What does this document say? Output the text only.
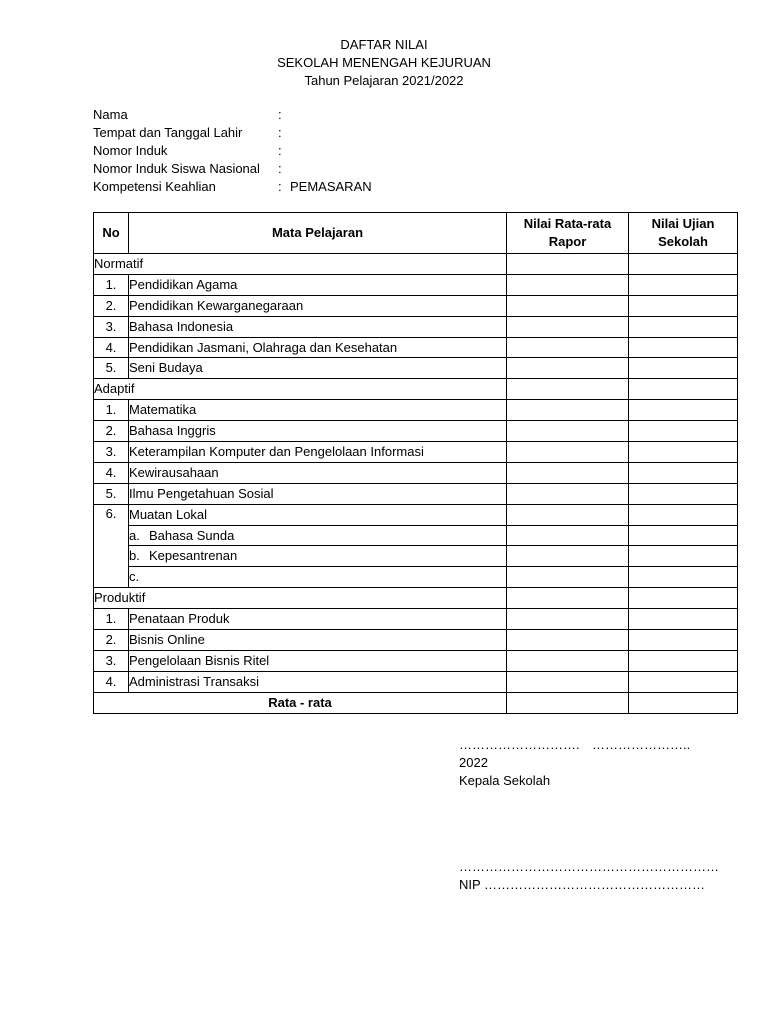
DAFTAR NILAI
SEKOLAH MENENGAH KEJURUAN
Tahun Pelajaran 2021/2022
Nama	:
Tempat dan Tanggal Lahir	:
Nomor Induk	:
Nomor Induk Siswa Nasional :
Kompetensi Keahlian	: PEMASARAN
No	Mata Pelajaran	Nilai Rata-rata Rapor	Nilai Ujian Sekolah
Normatif			
1.	Pendidikan Agama		
2.	Pendidikan Kewarganegaraan		
3.	Bahasa Indonesia		
4.	Pendidikan Jasmani, Olahraga dan Kesehatan		
5.	Seni Budaya		
Adaptif			
1.	Matematika		
2.	Bahasa Inggris		
3.	Keterampilan Komputer dan Pengelolaan Informasi		
4.	Kewirausahaan		
5.	Ilmu Pengetahuan Sosial		
6.	Muatan Lokal		
	a. Bahasa Sunda		
	b. Kepesantrenan		
	c.		
Produktif			
1.	Penataan Produk		
2.	Bisnis Online		
3.	Pengelolaan Bisnis Ritel		
4.	Administrasi Transaksi		
Rata - rata			
………………………. …………………..
2022
Kepala Sekolah
……………………………………………………
NIP ……………………………………………
